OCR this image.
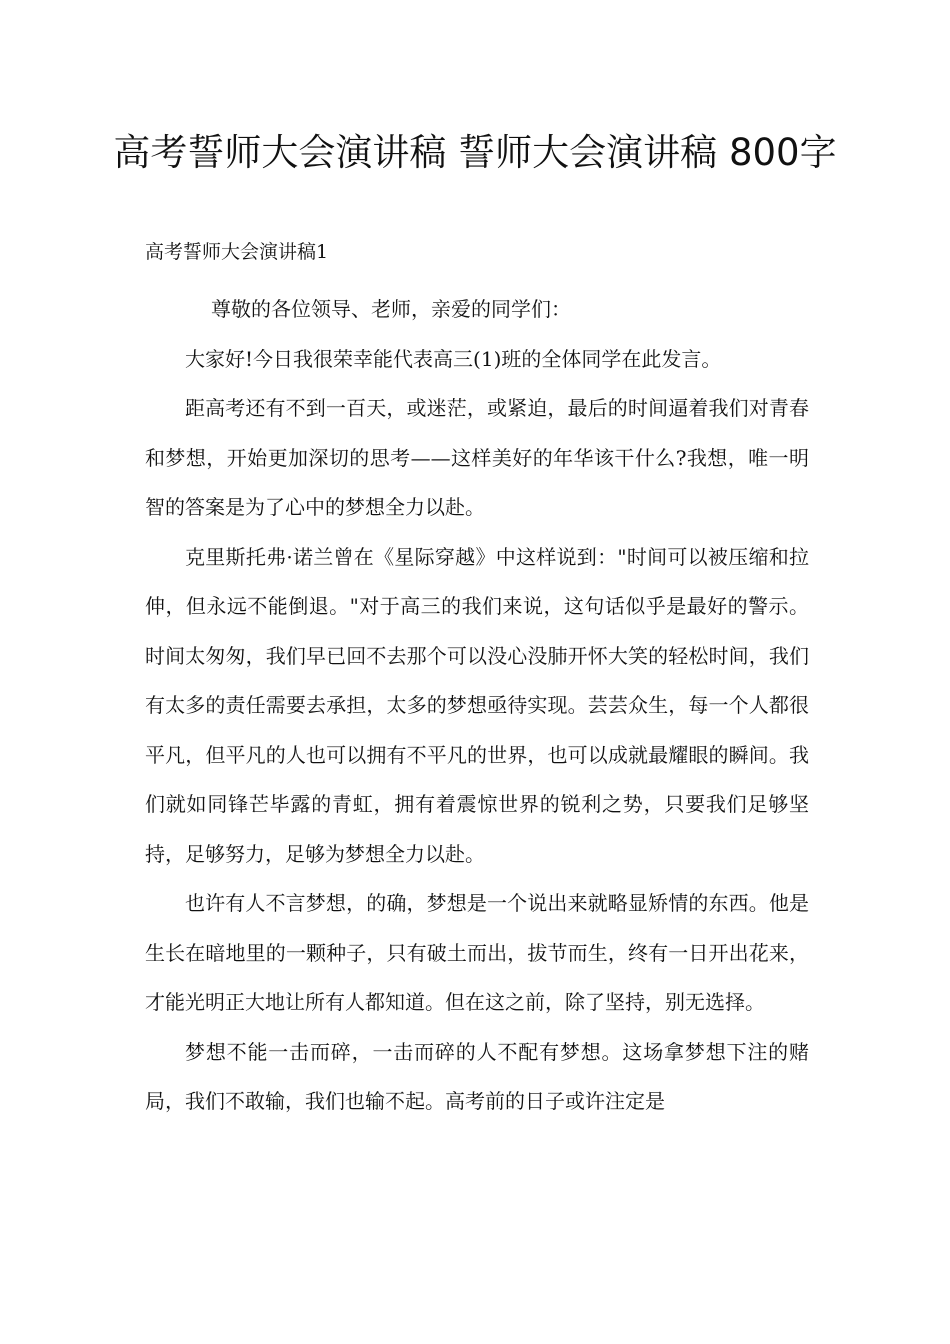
高考誓师大会演讲稿 誓师大会演讲稿 800字
高考誓师大会演讲稿1

尊敬的各位领导、老师，亲爱的同学们：

大家好!今日我很荣幸能代表高三(1)班的全体同学在此发言。

距高考还有不到一百天，或迷茫，或紧迫，最后的时间逼着我们对青春和梦想，开始更加深切的思考——这样美好的年华该干什么?我想，唯一明智的答案是为了心中的梦想全力以赴。

克里斯托弗·诺兰曾在《星际穿越》中这样说到："时间可以被压缩和拉伸，但永远不能倒退。"对于高三的我们来说，这句话似乎是最好的警示。时间太匆匆，我们早已回不去那个可以没心没肺开怀大笑的轻松时间，我们有太多的责任需要去承担，太多的梦想亟待实现。芸芸众生，每一个人都很平凡，但平凡的人也可以拥有不平凡的世界，也可以成就最耀眼的瞬间。我们就如同锋芒毕露的青虹，拥有着震惊世界的锐利之势，只要我们足够坚持，足够努力，足够为梦想全力以赴。

也许有人不言梦想，的确，梦想是一个说出来就略显矫情的东西。他是生长在暗地里的一颗种子，只有破土而出，拔节而生，终有一日开出花来，才能光明正大地让所有人都知道。但在这之前，除了坚持，别无选择。

梦想不能一击而碎，一击而碎的人不配有梦想。这场拿梦想下注的赌局，我们不敢输，我们也输不起。高考前的日子或许注定是
